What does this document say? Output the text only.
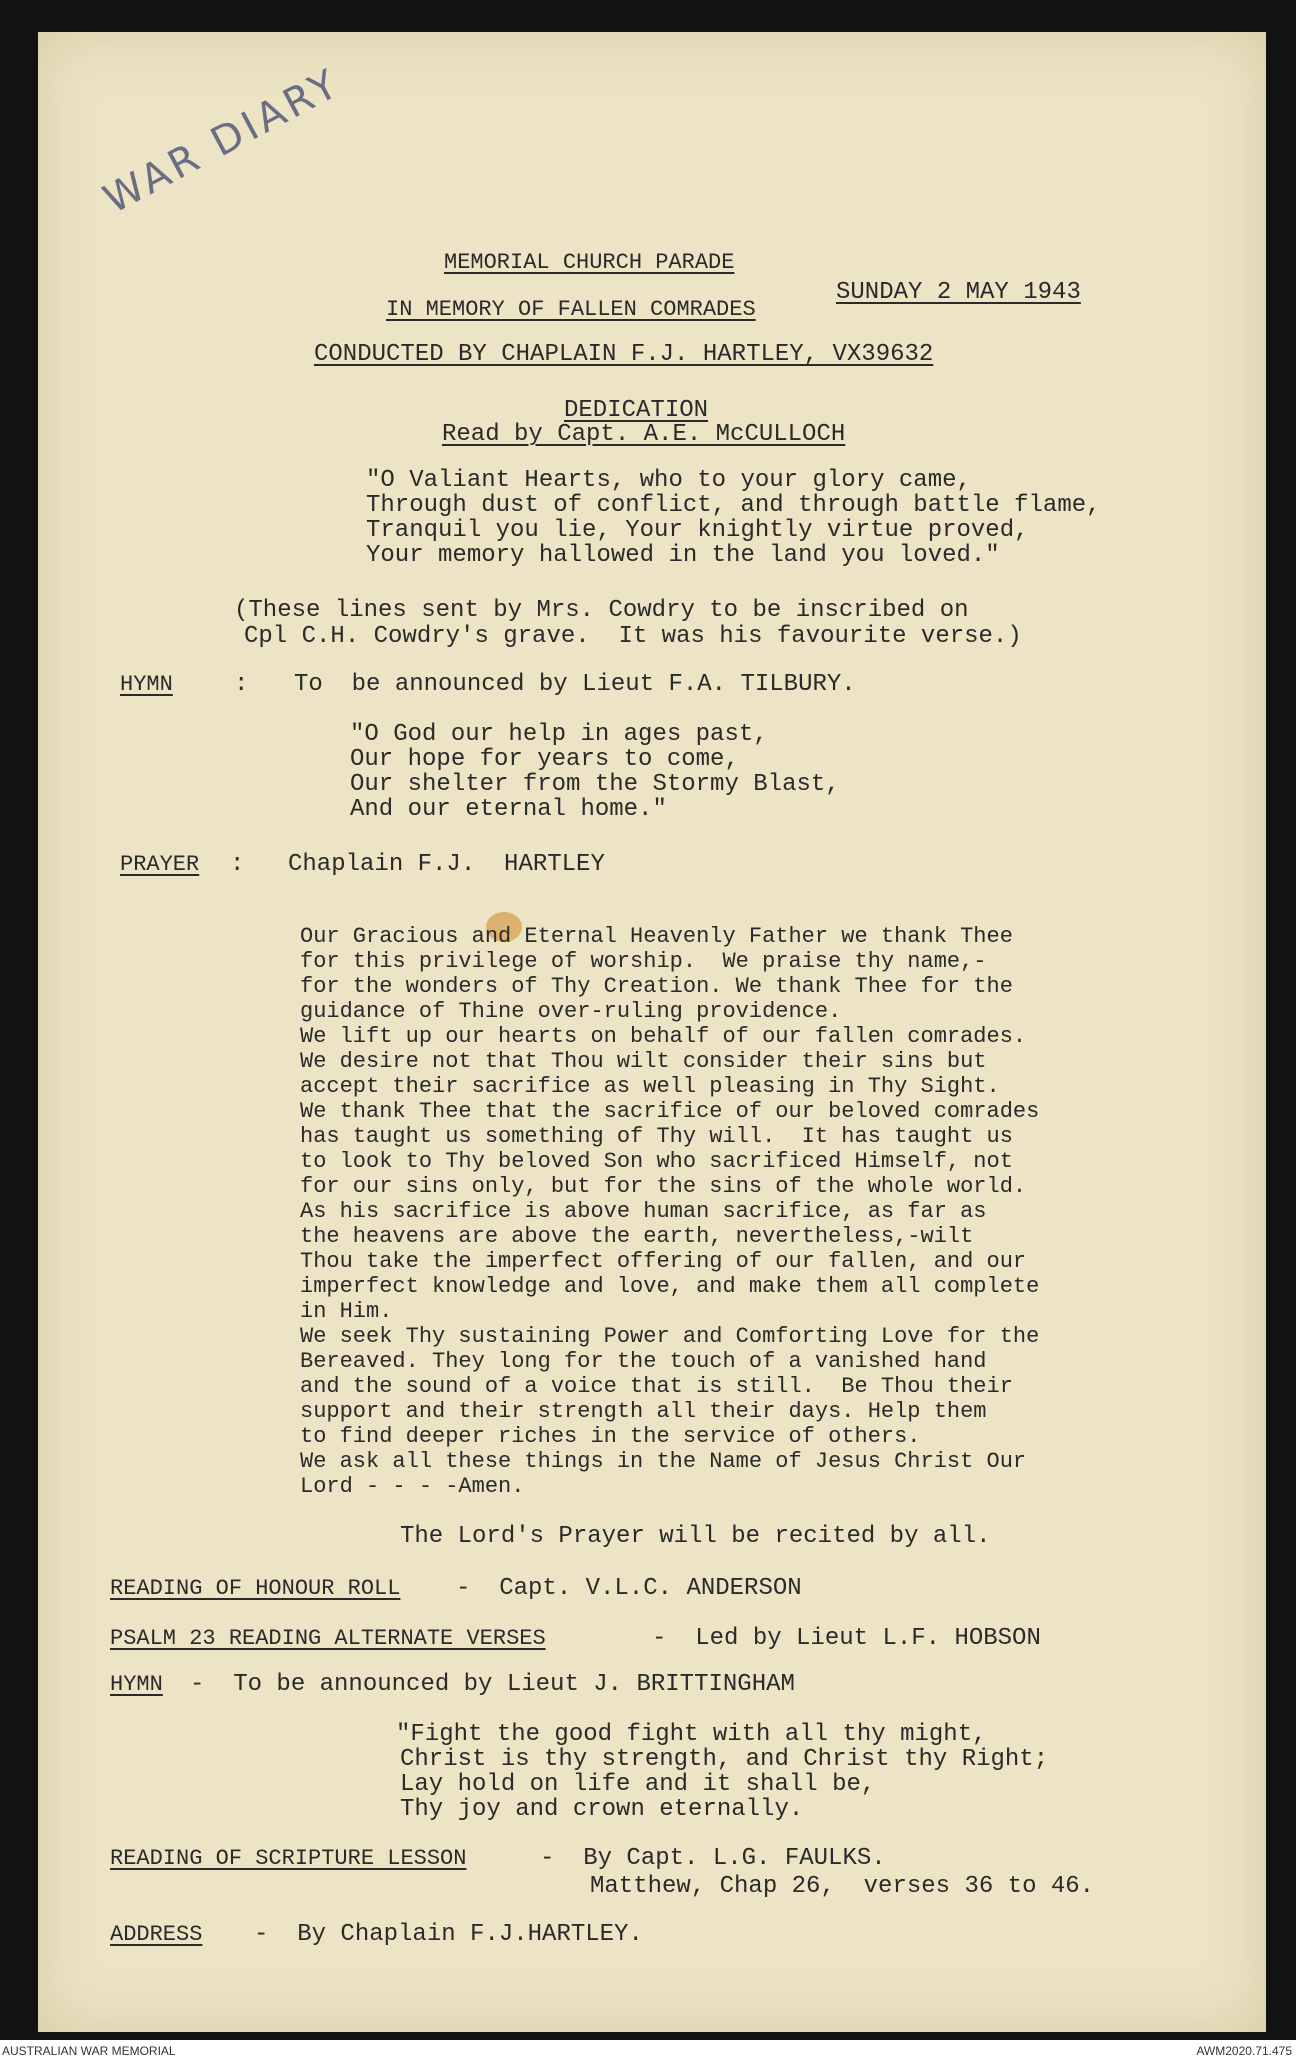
WAR DIARY
MEMORIAL CHURCH PARADE
SUNDAY 2 MAY 1943
IN MEMORY OF FALLEN COMRADES
CONDUCTED BY CHAPLAIN F.J. HARTLEY, VX39632
DEDICATION
Read by Capt. A.E. McCULLOCH
"O Valiant Hearts, who to your glory came,
Through dust of conflict, and through battle flame,
Tranquil you lie, Your knightly virtue proved,
Your memory hallowed in the land you loved."
(These lines sent by Mrs. Cowdry to be inscribed on
Cpl C.H. Cowdry's grave.  It was his favourite verse.)
HYMN	: To  be announced by Lieut F.A. TILBURY.
"O God our help in ages past,
Our hope for years to come,
Our shelter from the Stormy Blast,
And our eternal home."
PRAYER : Chaplain F.J.  HARTLEY
Our Gracious and Eternal Heavenly Father we thank Thee
for this privilege of worship.  We praise thy name,-
for the wonders of Thy Creation. We thank Thee for the
guidance of Thine over-ruling providence.
We lift up our hearts on behalf of our fallen comrades.
We desire not that Thou wilt consider their sins but
accept their sacrifice as well pleasing in Thy Sight.
We thank Thee that the sacrifice of our beloved comrades
has taught us something of Thy will.  It has taught us
to look to Thy beloved Son who sacrificed Himself, not
for our sins only, but for the sins of the whole world.
As his sacrifice is above human sacrifice, as far as
the heavens are above the earth, nevertheless,-wilt
Thou take the imperfect offering of our fallen, and our
imperfect knowledge and love, and make them all complete
in Him.
We seek Thy sustaining Power and Comforting Love for the
Bereaved. They long for the touch of a vanished hand
and the sound of a voice that is still.  Be Thou their
support and their strength all their days. Help them
to find deeper riches in the service of others.
We ask all these things in the Name of Jesus Christ Our
Lord - - - -Amen.
The Lord's Prayer will be recited by all.
READING OF HONOUR ROLL -  Capt. V.L.C. ANDERSON
PSALM 23 READING ALTERNATE VERSES	-  Led by Lieut L.F. HOBSON
HYMN -  To be announced by Lieut J. BRITTINGHAM
"Fight the good fight with all thy might,
Christ is thy strength, and Christ thy Right;
Lay hold on life and it shall be,
Thy joy and crown eternally.
READING OF SCRIPTURE LESSON	-  By Capt. L.G. FAULKS.
Matthew, Chap 26,  verses 36 to 46.
ADDRESS -  By Chaplain F.J.HARTLEY.
AUSTRALIAN WAR MEMORIAL	AWM2020.71.475
